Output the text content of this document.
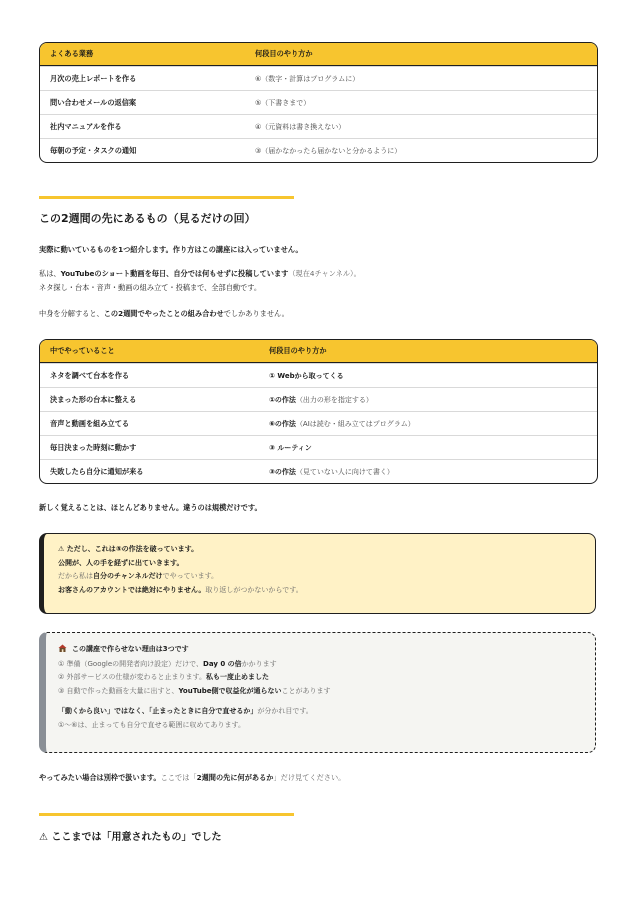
よくある業務	何段目のやり方か
月次の売上レポートを作る	⑥（数字・計算はプログラムに）
問い合わせメールの返信案	⑤（下書きまで）
社内マニュアルを作る	④（元資料は書き換えない）
毎朝の予定・タスクの通知	③（届かなかったら届かないと分かるように）
この2週間の先にあるもの（見るだけの回）

実際に動いているものを1つ紹介します。作り方はこの講座には入っていません。

私は、YouTubeのショート動画を毎日、自分では何もせずに投稿しています（現在4チャンネル）。

ネタ探し・台本・音声・動画の組み立て・投稿まで、全部自動です。

中身を分解すると、この2週間でやったことの組み合わせでしかありません。

中でやっていること	何段目のやり方か
ネタを調べて台本を作る	① Webから取ってくる
決まった形の台本に整える	①の作法（出力の形を指定する）
音声と動画を組み立てる	⑥の作法（AIは読む・組み立てはプログラム）
毎日決まった時刻に動かす	③ ルーティン
失敗したら自分に通知が来る	③の作法（見ていない人に向けて書く）

新しく覚えることは、ほとんどありません。違うのは規模だけです。

⚠ ただし、これは⑤の作法を破っています。

公開が、人の手を経ずに出ていきます。

だから私は自分のチャンネルだけでやっています。

お客さんのアカウントでは絶対にやりません。取り返しがつかないからです。

この講座で作らせない理由は3つです

① 準備（Googleの開発者向け設定）だけで、Day 0 の倍かかります

② 外部サービスの仕様が変わると止まります。私も一度止めました

③ 自動で作った動画を大量に出すと、YouTube側で収益化が通らないことがあります

「動くから良い」ではなく、「止まったときに自分で直せるか」が分かれ目です。

①〜⑥は、止まっても自分で直せる範囲に収めてあります。

やってみたい場合は別枠で扱います。ここでは「2週間の先に何があるか」だけ見てください。

⚠ ここまでは「用意されたもの」でした
